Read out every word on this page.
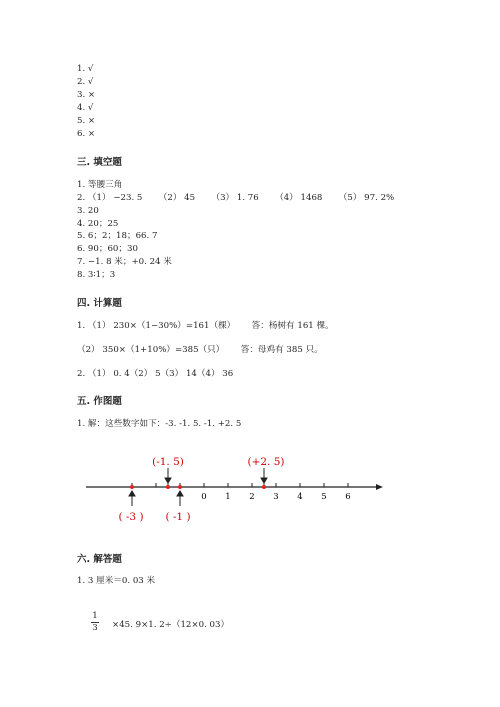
1. √
2. √
3. ×
4. √
5. ×
6. ×
三. 填空题
1. 等腰三角
2. （1） −23. 5      （2） 45      （3） 1. 76      （4） 1468      （5） 97. 2%
3. 20
4. 20；25
5. 6；2；18；66. 7
6. 90；60；30
7. −1. 8 米；+0. 24 米
8. 3∶1；3
四. 计算题
1. （1） 230×（1−30%）=161（棵）      答：杨树有 161 棵。
（2） 350×（1+10%）=385（只）      答：母鸡有 385 只。
2. （1） 0. 4（2） 5（3） 14（4） 36
五. 作图题
1. 解：这些数字如下：-3. -1. 5. -1. +2. 5
0 1 2 3 4 5 6
(-1. 5)	(+2. 5)
( -3 ) ( -1 )
六. 解答题
1. 3 厘米＝0. 03 米
1
3 ×45. 9×1. 2÷（12×0. 03）
